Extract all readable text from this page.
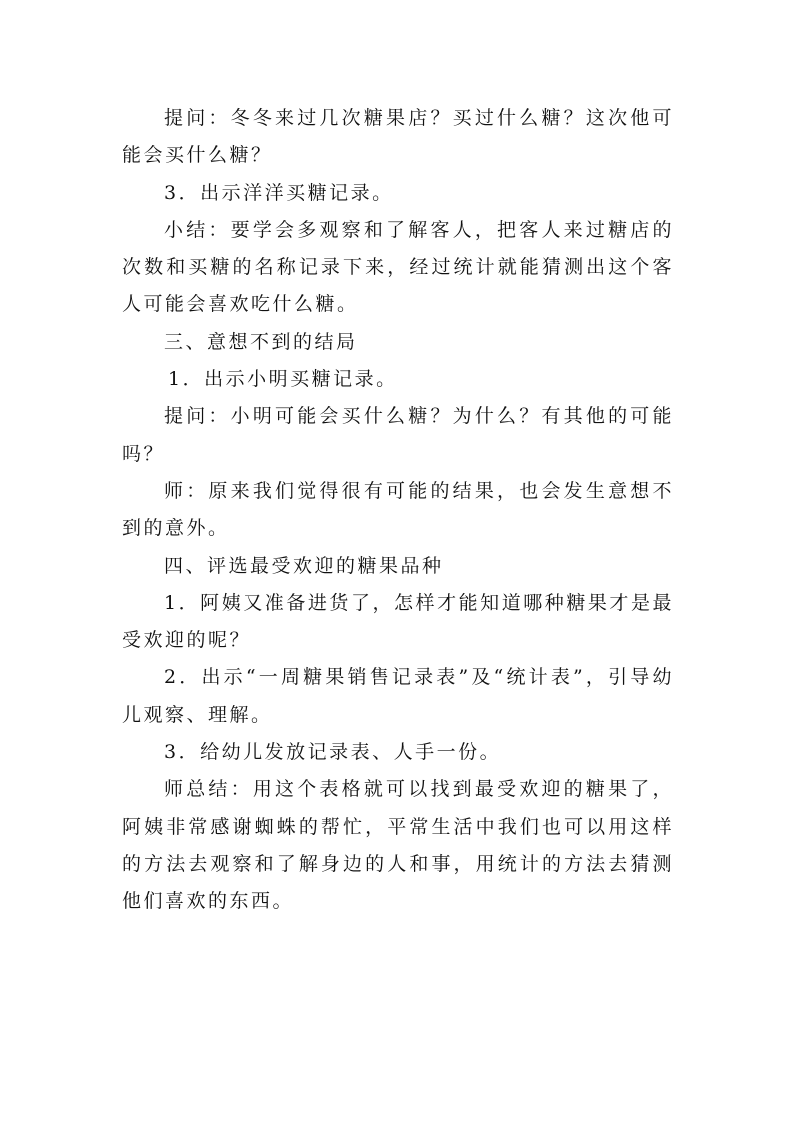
提问：冬冬来过几次糖果店？买过什么糖？这次他可能会买什么糖？

3．出示洋洋买糖记录。

小结：要学会多观察和了解客人，把客人来过糖店的次数和买糖的名称记录下来，经过统计就能猜测出这个客人可能会喜欢吃什么糖。

三、意想不到的结局

1．出示小明买糖记录。

提问：小明可能会买什么糖？为什么？有其他的可能吗？

师：原来我们觉得很有可能的结果，也会发生意想不到的意外。

四、评选最受欢迎的糖果品种

1．阿姨又准备进货了，怎样才能知道哪种糖果才是最受欢迎的呢？

2．出示“一周糖果销售记录表”及“统计表”，引导幼儿观察、理解。

3．给幼儿发放记录表、人手一份。

师总结：用这个表格就可以找到最受欢迎的糖果了，阿姨非常感谢蜘蛛的帮忙，平常生活中我们也可以用这样的方法去观察和了解身边的人和事，用统计的方法去猜测他们喜欢的东西。
